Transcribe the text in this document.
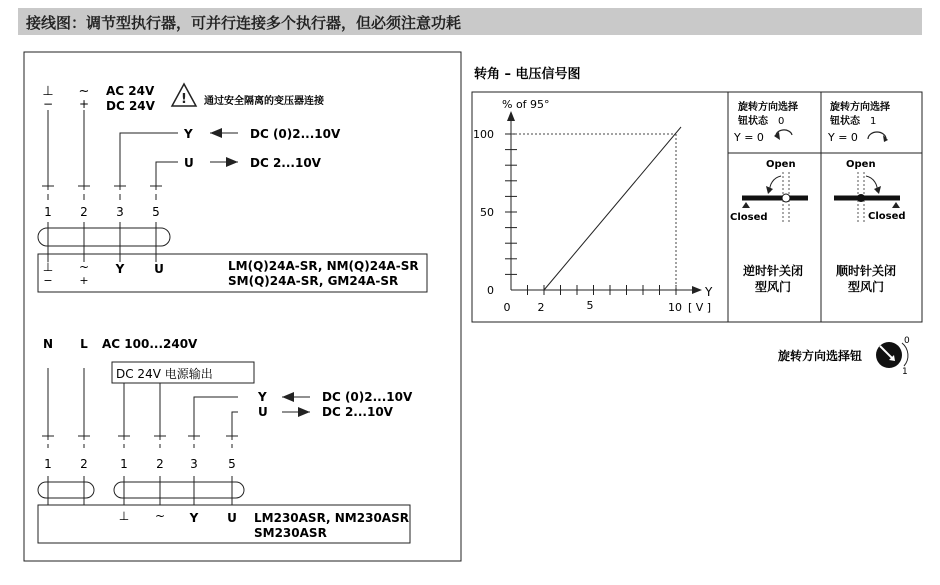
接线图：调节型执行器，可并行连接多个执行器，但必须注意功耗
!
⊥ ~
− +
AC 24V
DC 24V	通过安全隔离的变压器连接
Y	DC (0)2...10V
U	DC 2...10V
1 2 3 5
⊥
−
~
+
Y U	LM(Q)24A-SR, NM(Q)24A-SR
SM(Q)24A-SR, GM24A-SR
N L AC 100...240V
DC 24V 电源输出
Y	DC (0)2...10V
U	DC 2...10V
1 2	1 2 3	5
⊥ ~ Y U LM230ASR, NM230ASR
SM230ASR
转角 – 电压信号图
% of 95°
100
50
0
0 2	5	10
Y
[ V ]
旋转方向选择
钮状态 0
Y = 0
旋转方向选择
钮状态 1
Y = 0
Open
Closed
Open
Closed
逆时针关闭
型风门
顺时针关闭
型风门
旋转方向选择钮
0
1
